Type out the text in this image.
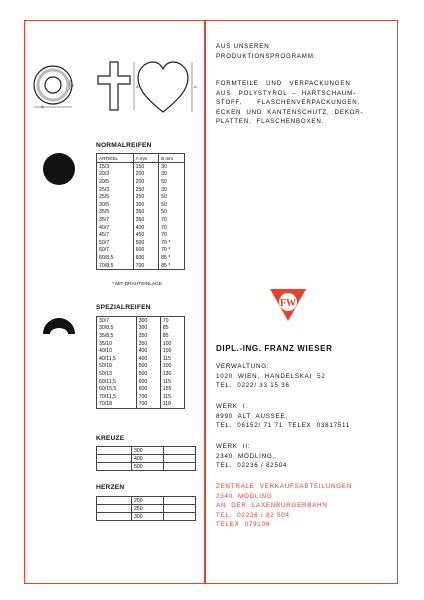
B
A
A	A
NORMALREIFEN
ARTIKEL	A mm	B mm
15/3	150	30
20/3	200	30
20/5	200	50
25/3	250	30
25/5	250	50
30/5	300	50
35/5	350	50
35/7	350	70
40/7	400	70
45/7	450	70
50/7	500	70 *
60/7	600	70 *
60/8,5	600	85 *
70/8,5	700	85 *
* MIT DRAHTEINLAGE
SPEZIALREIFEN
30/7	300	70
30/8,5	300	85
35/8,5	350	85
35/10	350	100
40/10	400	100
40/11,5	400	115
50/10	500	100
50/13	500	130
60/11,5	600	115
60/15,5	600	155
70/11,5	700	115
70/18	700	118
KREUZE
	300	
	400	
	500	
HERZEN
	200	
	250	
	300	
AUS UNSEREN
PRODUKTIONSPROGRAMM:
FORMTEILE   UND   VERPACKUNGEN
AUS   POLYSTYROL  –  HARTSCHAUM-
STOFF,      FLASCHENVERPACKUNGEN,
ECKEN  UND  KANTENSCHUTZ,  DEKOR-
PLATTEN,  FLASCHENBOXEN.
FW
DIPL.-ING. FRANZ WIESER
VERWALTUNG:
1020  WIEN,  HANDELSKAI  52
TEL.  0222/ 33 15 36
WERK  I:
8990  ALT  AUSSEE,
TEL.  06152/ 71 71  TELEX  03817511
WERK  II:
2340  MÖDLING,
TEL.  02236 / 82504
ZENTRALE  VERKAUFSABTEILUNGEN
2340  MÖDLING
AN  DER  LAXENBURGERBAHN
TEL.  02236 / 82 504
TELEX  079109
